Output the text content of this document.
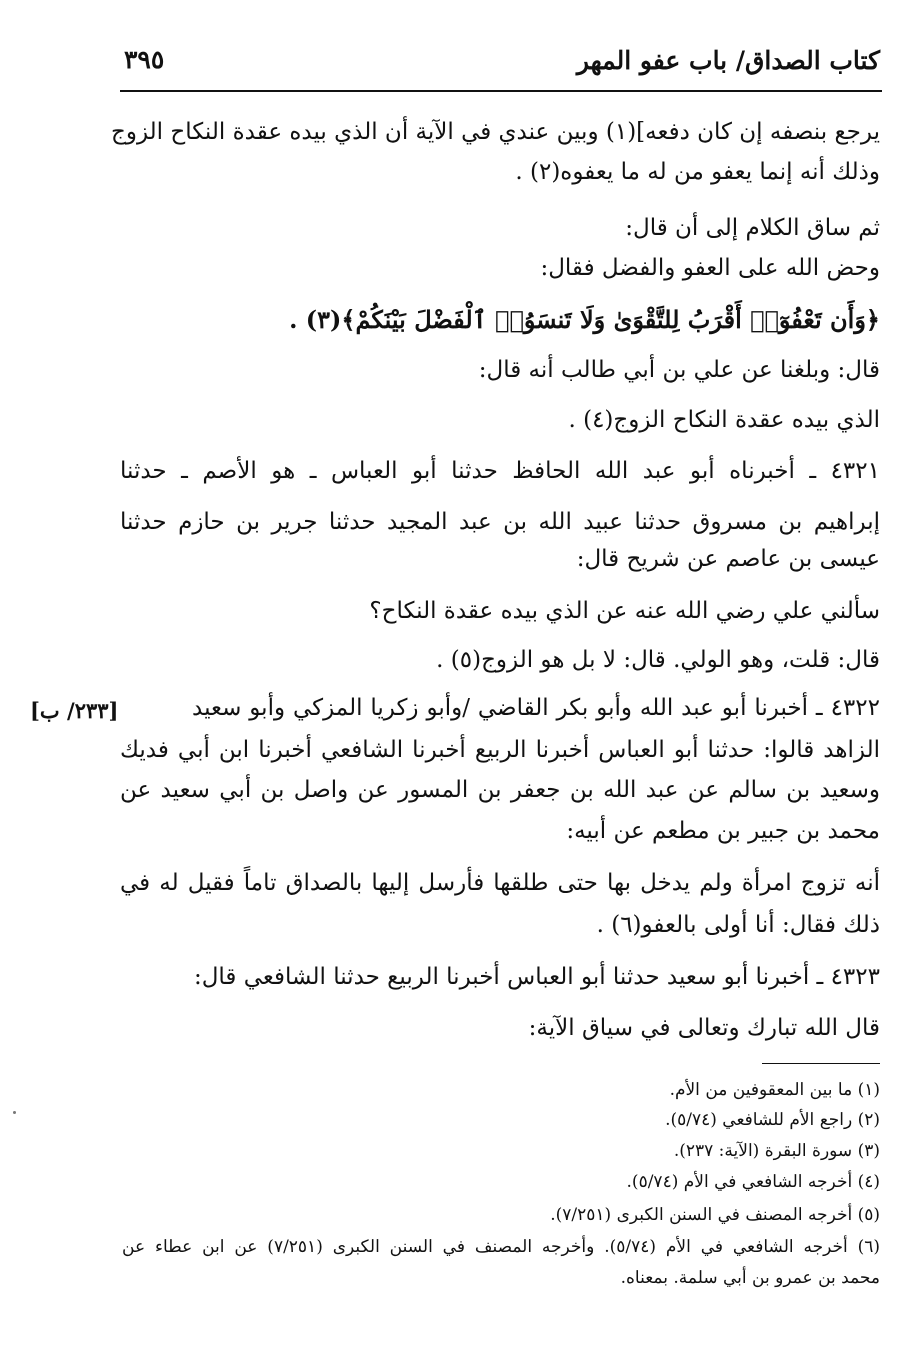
كتاب الصداق/ باب عفو المهر
٣٩٥
يرجع بنصفه إن كان دفعه](١) وبين عندي في الآية أن الذي بيده عقدة النكاح الزوج
وذلك أنه إنما يعفو من له ما يعفوه(٢) .
ثم ساق الكلام إلى أن قال:
وحض الله على العفو والفضل فقال:
﴿وَأَن تَعْفُوٓا۟ أَقْرَبُ لِلتَّقْوَىٰ وَلَا تَنسَوُا۟ ٱلْفَضْلَ بَيْنَكُمْ﴾(٣) .
قال: وبلغنا عن علي بن أبي طالب أنه قال:
الذي بيده عقدة النكاح الزوج(٤) .
٤٣٢١ ـ أخبرناه أبو عبد الله الحافظ حدثنا أبو العباس ـ هو الأصم ـ حدثنا
إبراهيم بن مسروق حدثنا عبيد الله بن عبد المجيد حدثنا جرير بن حازم حدثنا
عيسى بن عاصم عن شريح قال:
سألني علي رضي الله عنه عن الذي بيده عقدة النكاح؟
قال: قلت، وهو الولي. قال: لا بل هو الزوج(٥) .
٤٣٢٢ ـ أخبرنا أبو عبد الله وأبو بكر القاضي /وأبو زكريا المزكي وأبو سعيد
[٢٣٣/ ب]
الزاهد قالوا: حدثنا أبو العباس أخبرنا الربيع أخبرنا الشافعي أخبرنا ابن أبي فديك
وسعيد بن سالم عن عبد الله بن جعفر بن المسور عن واصل بن أبي سعيد عن
محمد بن جبير بن مطعم عن أبيه:
أنه تزوج امرأة ولم يدخل بها حتى طلقها فأرسل إليها بالصداق تاماً فقيل له في
ذلك فقال: أنا أولى بالعفو(٦) .
٤٣٢٣ ـ أخبرنا أبو سعيد حدثنا أبو العباس أخبرنا الربيع حدثنا الشافعي قال:
قال الله تبارك وتعالى في سياق الآية:
(١) ما بين المعقوفين من الأم.
(٢) راجع الأم للشافعي (٥/٧٤).
(٣) سورة البقرة (الآية: ٢٣٧).
(٤) أخرجه الشافعي في الأم (٥/٧٤).
(٥) أخرجه المصنف في السنن الكبرى (٧/٢٥١).
(٦) أخرجه الشافعي في الأم (٥/٧٤). وأخرجه المصنف في السنن الكبرى (٧/٢٥١) عن ابن عطاء عن
محمد بن عمرو بن أبي سلمة. بمعناه.
